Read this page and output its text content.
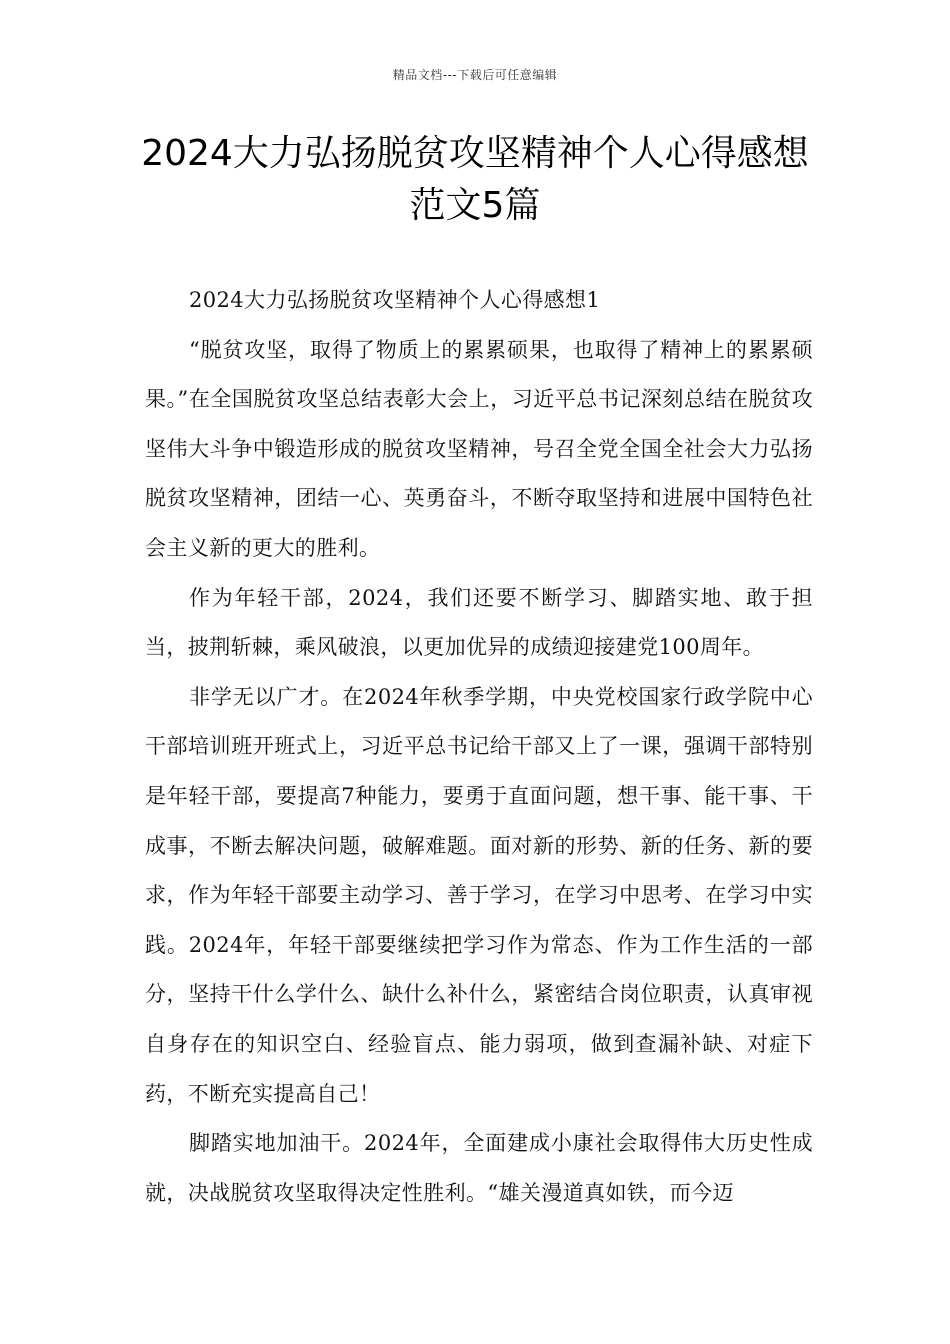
精品文档---下载后可任意编辑
2024大力弘扬脱贫攻坚精神个人心得感想范文5篇

2024大力弘扬脱贫攻坚精神个人心得感想1

“脱贫攻坚，取得了物质上的累累硕果，也取得了精神上的累累硕果。”在全国脱贫攻坚总结表彰大会上，习近平总书记深刻总结在脱贫攻坚伟大斗争中锻造形成的脱贫攻坚精神，号召全党全国全社会大力弘扬脱贫攻坚精神，团结一心、英勇奋斗，不断夺取坚持和进展中国特色社会主义新的更大的胜利。

作为年轻干部，2024，我们还要不断学习、脚踏实地、敢于担当，披荆斩棘，乘风破浪，以更加优异的成绩迎接建党100周年。

非学无以广才。在2024年秋季学期，中央党校国家行政学院中心干部培训班开班式上，习近平总书记给干部又上了一课，强调干部特别是年轻干部，要提高7种能力，要勇于直面问题，想干事、能干事、干成事，不断去解决问题，破解难题。面对新的形势、新的任务、新的要求，作为年轻干部要主动学习、善于学习，在学习中思考、在学习中实践。2024年，年轻干部要继续把学习作为常态、作为工作生活的一部分，坚持干什么学什么、缺什么补什么，紧密结合岗位职责，认真审视自身存在的知识空白、经验盲点、能力弱项，做到查漏补缺、对症下药，不断充实提高自己！

脚踏实地加油干。2024年，全面建成小康社会取得伟大历史性成就，决战脱贫攻坚取得决定性胜利。“雄关漫道真如铁，而今迈
